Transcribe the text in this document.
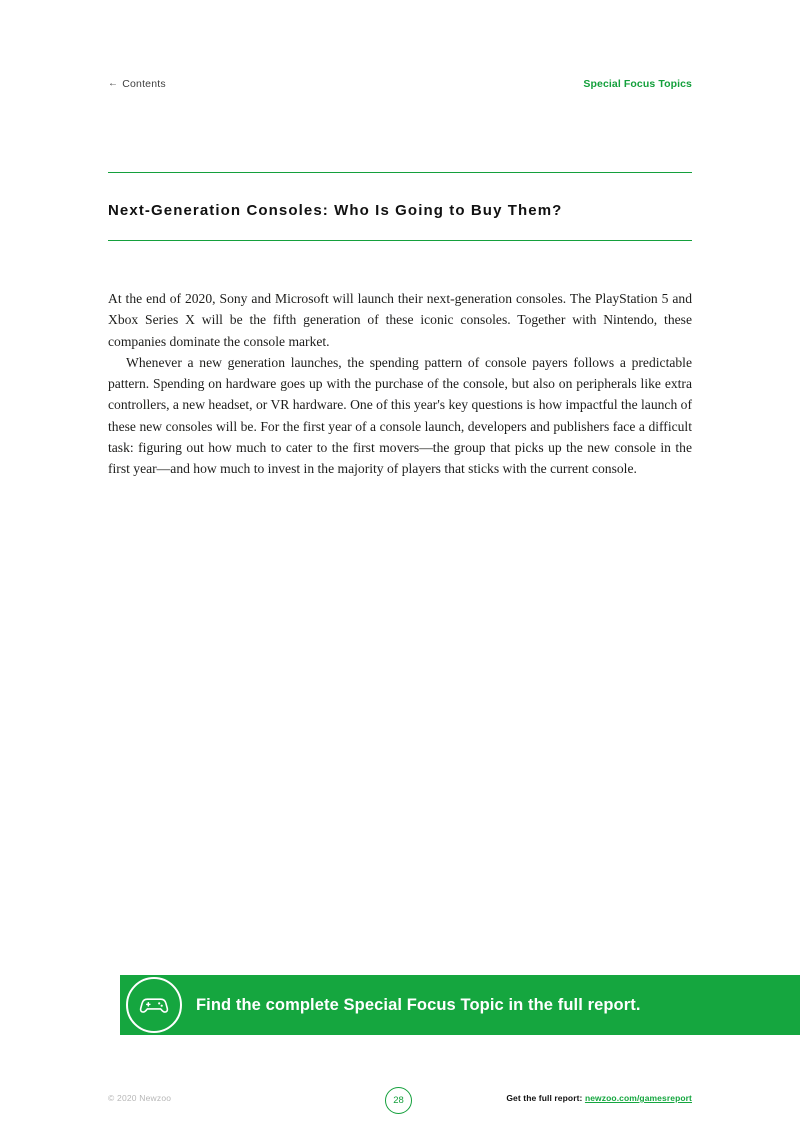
← Contents	Special Focus Topics
Next-Generation Consoles: Who Is Going to Buy Them?

At the end of 2020, Sony and Microsoft will launch their next-generation consoles. The PlayStation 5 and Xbox Series X will be the fifth generation of these iconic consoles. Together with Nintendo, these companies dominate the console market.

Whenever a new generation launches, the spending pattern of console payers follows a predictable pattern. Spending on hardware goes up with the purchase of the console, but also on peripherals like extra controllers, a new headset, or VR hardware. One of this year's key questions is how impactful the launch of these new consoles will be. For the first year of a console launch, developers and publishers face a difficult task: figuring out how much to cater to the first movers—the group that picks up the new console in the first year—and how much to invest in the majority of players that sticks with the current console.

Find the complete Special Focus Topic in the full report.
© 2020 Newzoo	28	Get the full report: newzoo.com/gamesreport
